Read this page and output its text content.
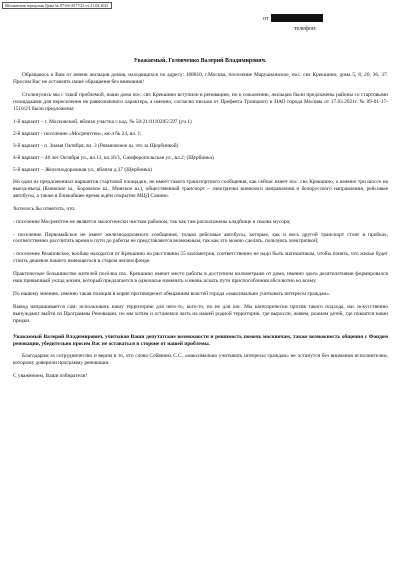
Московская городская Дума № 07-04-4377/21 от 21.04.2021
от
телефон:
Уважаемый, Головченко Валерий Владимирович.

Обращаюсь к Вам от имени жильцов домов, находящихся по адресу: 108810, г.Москва, поселение Марушкинское, пос. свх Крекшино, дома 5, 8, 20, 36, 37. Просим Вас не оставлять наше обращение без внимания!

Столкнулись мы с такой проблемой, наши дома пос. свх Крекшино вступили в реновацию, но к сожалению, жильцам были предложены районы со стартовыми площадками для переселения не равнозначного характера, а именно, согласно письма от Префекта Троицкого и НАО города Москвы от 17.03.2021г. № 09-01-17-1510/21 были предложены:

1-й вариант – г. Московский, вблизи участка с кад. № 50:21:0110205:597 (уч.1)

2-й вариант - поселение «Мосрентген», кв-л № 24, вл. 1;

3-й вариант - п. Знамя Октября, вл. 3 (Рязановское ш. это за Щербинкой)

4-й вариант – 40 лет Октября ул., вл.12, вл.16/1, Симферопольская ул., вл.2; (Щербинка)

5-й вариант – Железнодорожная ул., вблизи д.37 (Щербинка)

Ни один из предложенных вариантов стартовой площадки, не имеет такого транспортного сообщения, как сейчас имеет пос. свх Крекшино, а именно три шоссе на выезд-въезд (Киевское ш., Боровское ш., Минское ш.), общественный транспорт – электрички киевского направления и белорусского направления, рейсовые автобусы, а также в ближайшее время ждём открытие МЦД Санино.

Хотелось бы отметить, что:

- поселение Мосрентген не является экологически чистым районом, так как там расположены кладбище и свалка мусора;

- поселение Первомайское не имеет железнодорожного сообщения, только рейсовые автобусы, которые, как и весь другой транспорт стоят в пробках, соответственно рассчитать время в пути до работы не представляется возможным, так как это можно сделать, пользуясь электричкой;

- поселение Рязановское, вообще находится от Крекшино на расстоянии 55 километров, соответственно не надо быть математиком, чтобы понять, что жилье будет стоить дешевле нашего имеющегося в старом жилом фонде.

Практическое большинство жителей посёлка свх. Крекшино имеют место работы в доступном километраже от дома, именно здесь десятилетиями формировался наш привычный уклад жизни, который предлагается в одночасье изменить и вновь искать пути приспособления абсолютно ко всему.

По нашему мнению, именно такая позиция в корне противоречит обещаниям властей города «максимально учитывать интересы граждан».

Вывод напрашивается сам: использовать нашу территорию для чего-то, кого-то, но не для нас. Мы категорически против такого подхода, нас искусственно вынуждают выйти из Программы Реновации, но мы хотим и останемся жить на нашей родной территории, где выросли, живем, рожаем детей, где покоятся наши предки.

Уважаемый Валерий Владимирович, учитывая Ваши депутатские возможности и решимость помочь москвичам, также возможность общения с Фондом реновации, убедительно просим Вас не оставаться в стороне от нашей проблемы.

Благодарим за сотрудничество и верим в то, что слова Собянина С.С. «максимально учитывать интересы граждан» не останутся без внимания исполнителем, которому доверили программу реновации.

С уважением, Ваши избиратели!
